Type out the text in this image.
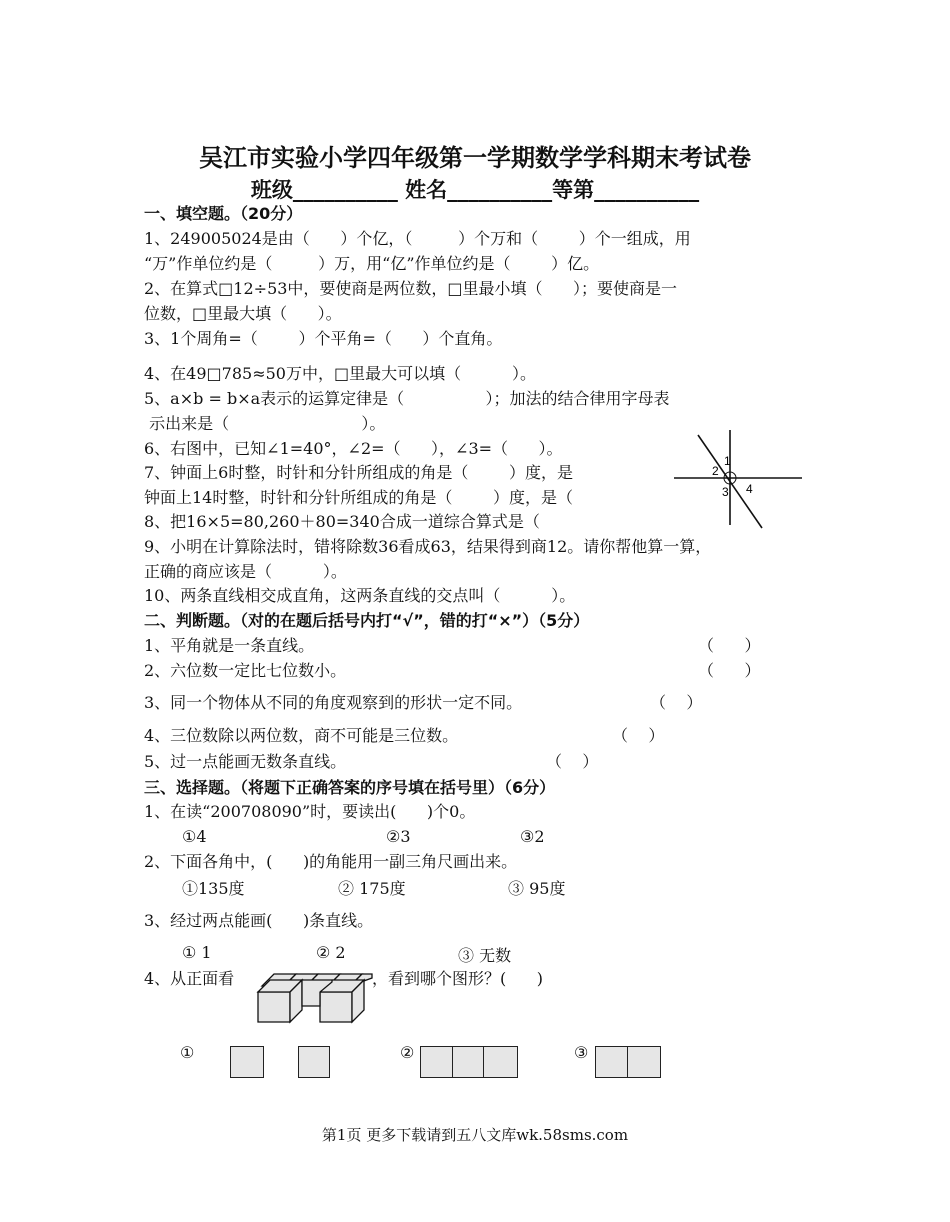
吴江市实验小学四年级第一学期数学学科期末考试卷
班级__________ 姓名__________等第__________
一、填空题。（20分）
1、249005024是由（      ）个亿，（         ）个万和（        ）个一组成，用
“万”作单位约是（         ）万，用“亿”作单位约是（        ）亿。
2、在算式□12÷53中，要使商是两位数，□里最小填（      ）；要使商是一
位数，□里最大填（      ）。
3、1个周角=（        ）个平角=（      ）个直角。
4、在49□785≈50万中，□里最大可以填（          ）。
5、a×b = b×a表示的运算定律是（                ）；加法的结合律用字母表
示出来是（                          ）。
6、右图中，已知∠1=40°，∠2=（      ），∠3=（      ）。
7、钟面上6时整，时针和分针所组成的角是（        ）度，是
钟面上14时整，时针和分针所组成的角是（        ）度，是（
8、把16×5=80,260＋80=340合成一道综合算式是（
9、小明在计算除法时，错将除数36看成63，结果得到商12。请你帮他算一算，
正确的商应该是（          ）。
10、两条直线相交成直角，这两条直线的交点叫（          ）。
1
2
3 4
二、判断题。（对的在题后括号内打“√”，错的打“×”）（5分）
1、平角就是一条直线。	（      ）
2、六位数一定比七位数小。	（      ）
3、同一个物体从不同的角度观察到的形状一定不同。	（    ）
4、三位数除以两位数，商不可能是三位数。	（    ）
5、过一点能画无数条直线。	（    ）
三、选择题。（将题下正确答案的序号填在括号里）（6分）
1、在读“200708090”时，要读出(      )个0。
①4	②3	③2
2、下面各角中，(      )的角能用一副三角尺画出来。
①135度	② 175度	③ 95度
3、经过两点能画(      )条直线。
① 1	② 2	③ 无数
4、从正面看	，看到哪个图形？(      )
①	②	③
第1页 更多下载请到五八文库wk.58sms.com
